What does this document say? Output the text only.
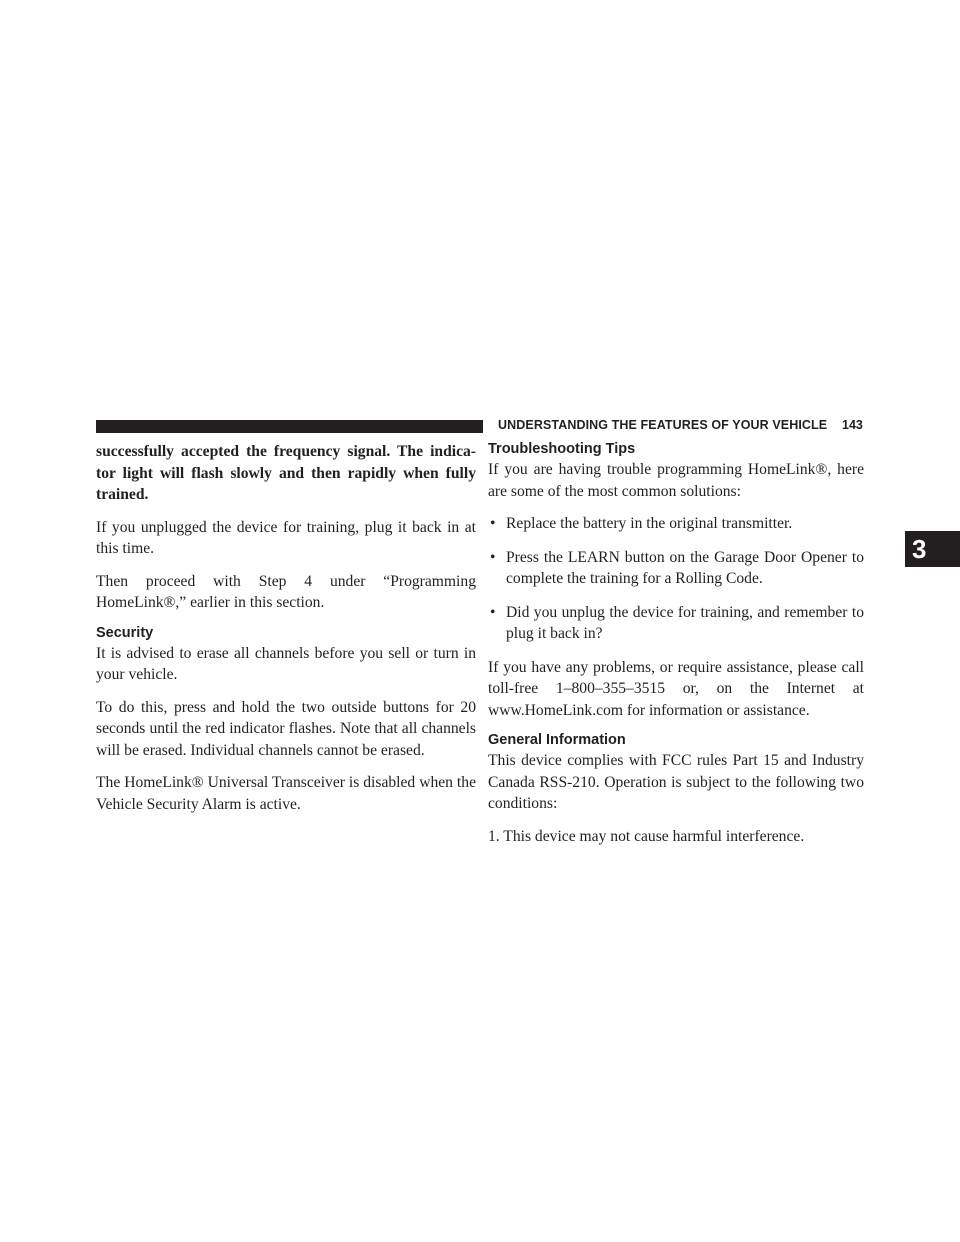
UNDERSTANDING THE FEATURES OF YOUR VEHICLE 143
3

successfully accepted the frequency signal. The indica- tor light will flash slowly and then rapidly when fully trained.

If you unplugged the device for training, plug it back in at this time.

Then proceed with Step 4 under “Programming HomeLink®,” earlier in this section.

Security

It is advised to erase all channels before you sell or turn in your vehicle.

To do this, press and hold the two outside buttons for 20 seconds until the red indicator flashes. Note that all channels will be erased. Individual channels cannot be erased.

The HomeLink® Universal Transceiver is disabled when the Vehicle Security Alarm is active.

Troubleshooting Tips

If you are having trouble programming HomeLink®, here are some of the most common solutions:

• Replace the battery in the original transmitter.
• Press the LEARN button on the Garage Door Opener to complete the training for a Rolling Code.
• Did you unplug the device for training, and remember to plug it back in?

If you have any problems, or require assistance, please call toll-free 1–800–355–3515 or, on the Internet at www.HomeLink.com for information or assistance.

General Information

This device complies with FCC rules Part 15 and Industry Canada RSS-210. Operation is subject to the following two conditions:

1. This device may not cause harmful interference.
